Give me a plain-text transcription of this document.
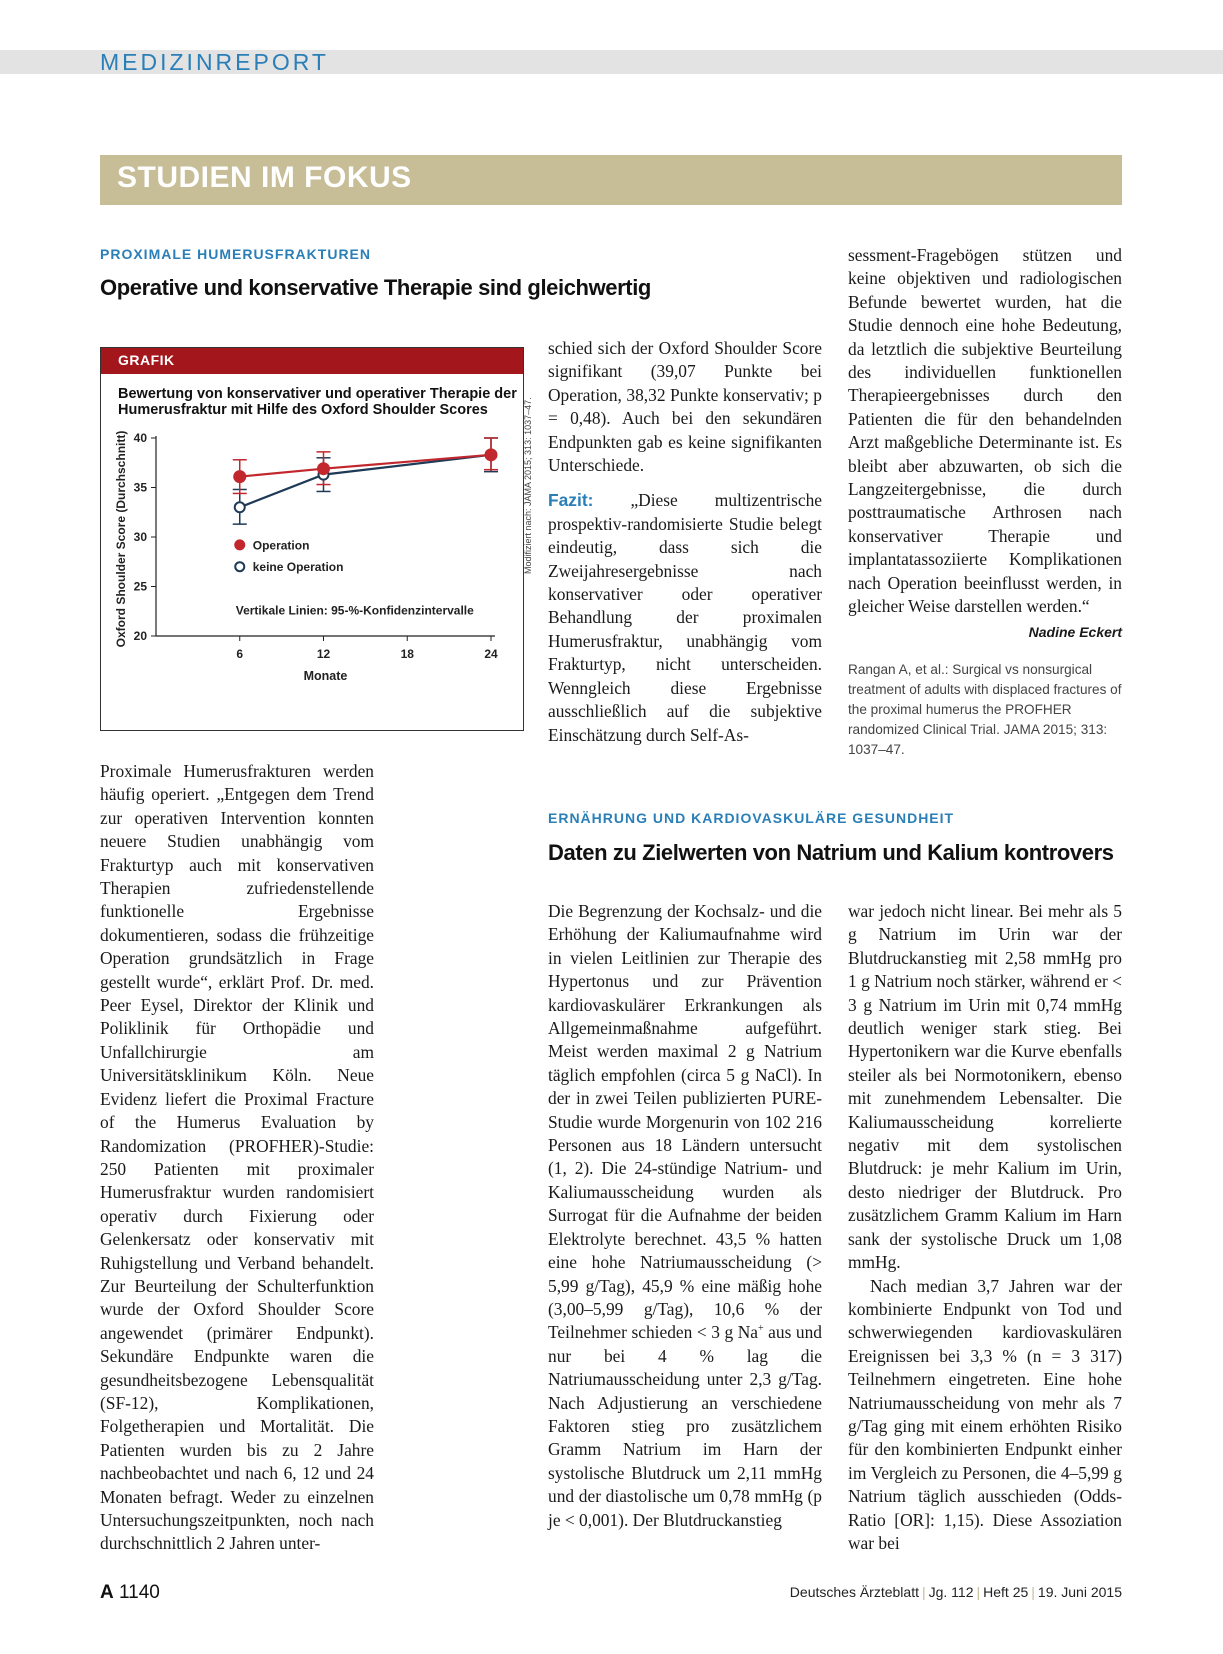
MEDIZINREPORT
STUDIEN IM FOKUS
PROXIMALE HUMERUSFRAKTUREN
Operative und konservative Therapie sind gleichwertig
GRAFIK
Bewertung von konservativer und operativer Therapie der Humerusfraktur mit Hilfe des Oxford Shoulder Scores
20
25
30
35
40
6	12	18	24
Monate
Oxford Shoulder Score (Durchschnitt)	Operation
keine Operation
Vertikale Linien: 95-%-Konfidenzintervalle
Modifiziert nach: JAMA 2015; 313: 1037–47.

Proximale Humerusfrakturen werden häufig operiert. „Entgegen dem Trend zur operativen Intervention konnten neuere Studien unabhängig vom Frakturtyp auch mit konservativen Therapien zufriedenstellende funktionelle Ergebnisse dokumentieren, sodass die frühzeitige Operation grundsätzlich in Frage gestellt wurde“, erklärt Prof. Dr. med. Peer Eysel, Direktor der Klinik und Poliklinik für Orthopädie und Unfallchirurgie am Universitätsklinikum Köln. Neue Evidenz liefert die Proximal Fracture of the Humerus Evaluation by Randomization (PROFHER)-Studie: 250 Patienten mit proximaler Humerusfraktur wurden randomisiert operativ durch Fixierung oder Gelenkersatz oder konservativ mit Ruhigstellung und Verband behandelt. Zur Beurteilung der Schulterfunktion wurde der Oxford Shoulder Score angewendet (primärer Endpunkt). Sekundäre Endpunkte waren die gesundheitsbezogene Lebensqualität (SF-12), Komplikationen, Folgetherapien und Mortalität. Die Patienten wurden bis zu 2 Jahre nachbeobachtet und nach 6, 12 und 24 Monaten befragt. Weder zu einzelnen Untersuchungszeitpunkten, noch nach durchschnittlich 2 Jahren unter-

schied sich der Oxford Shoulder Score signifikant (39,07 Punkte bei Operation, 38,32 Punkte konservativ; p = 0,48). Auch bei den sekundären Endpunkten gab es keine signifikanten Unterschiede.

Fazit: „Diese multizentrische prospektiv-randomisierte Studie belegt eindeutig, dass sich die Zweijahresergebnisse nach konservativer oder operativer Behandlung der proximalen Humerusfraktur, unabhängig vom Frakturtyp, nicht unterscheiden. Wenngleich diese Ergebnisse ausschließlich auf die subjektive Einschätzung durch Self-As-

sessment-Fragebögen stützen und keine objektiven und radiologischen Befunde bewertet wurden, hat die Studie dennoch eine hohe Bedeutung, da letztlich die subjektive Beurteilung des individuellen funktionellen Therapieergebnisses durch den Patienten die für den behandelnden Arzt maßgebliche Determinante ist. Es bleibt aber abzuwarten, ob sich die Langzeitergebnisse, die durch posttraumatische Arthrosen nach konservativer Therapie und implantatassoziierte Komplikationen nach Operation beeinflusst werden, in gleicher Weise darstellen werden.“
Nadine Eckert

Rangan A, et al.: Surgical vs nonsurgical treatment of adults with displaced fractures of the proximal humerus the PROFHER randomized Clinical Trial. JAMA 2015; 313: 1037–47.
ERNÄHRUNG UND KARDIOVASKULÄRE GESUNDHEIT
Daten zu Zielwerten von Natrium und Kalium kontrovers

Die Begrenzung der Kochsalz- und die Erhöhung der Kaliumaufnahme wird in vielen Leitlinien zur Therapie des Hypertonus und zur Prävention kardiovaskulärer Erkrankungen als Allgemeinmaßnahme aufgeführt. Meist werden maximal 2 g Natrium täglich empfohlen (circa 5 g NaCl). In der in zwei Teilen publizierten PURE-Studie wurde Morgenurin von 102 216 Personen aus 18 Ländern untersucht (1, 2). Die 24-stündige Natrium- und Kaliumausscheidung wurden als Surrogat für die Aufnahme der beiden Elektrolyte berechnet. 43,5 % hatten eine hohe Natriumausscheidung (> 5,99 g/Tag), 45,9 % eine mäßig hohe (3,00–5,99 g/Tag), 10,6 % der Teilnehmer schieden < 3 g Na+ aus und nur bei 4 % lag die Natriumausscheidung unter 2,3 g/Tag. Nach Adjustierung an verschiedene Faktoren stieg pro zusätzlichem Gramm Natrium im Harn der systolische Blutdruck um 2,11 mmHg und der diastolische um 0,78 mmHg (p je < 0,001). Der Blutdruckanstieg

war jedoch nicht linear. Bei mehr als 5 g Natrium im Urin war der Blutdruckanstieg mit 2,58 mmHg pro 1 g Natrium noch stärker, während er < 3 g Natrium im Urin mit 0,74 mmHg deutlich weniger stark stieg. Bei Hypertonikern war die Kurve ebenfalls steiler als bei Normotonikern, ebenso mit zunehmendem Lebensalter. Die Kaliumausscheidung korrelierte negativ mit dem systolischen Blutdruck: je mehr Kalium im Urin, desto niedriger der Blutdruck. Pro zusätzlichem Gramm Kalium im Harn sank der systolische Druck um 1,08 mmHg.

Nach median 3,7 Jahren war der kombinierte Endpunkt von Tod und schwerwiegenden kardiovaskulären Ereignissen bei 3,3 % (n = 3 317) Teilnehmern eingetreten. Eine hohe Natriumausscheidung von mehr als 7 g/Tag ging mit einem erhöhten Risiko für den kombinierten Endpunkt einher im Vergleich zu Personen, die 4–5,99 g Natrium täglich ausschieden (Odds-Ratio [OR]: 1,15). Diese Assoziation war bei

A 1140	Deutsches Ärzteblatt | Jg. 112 | Heft 25 | 19. Juni 2015
